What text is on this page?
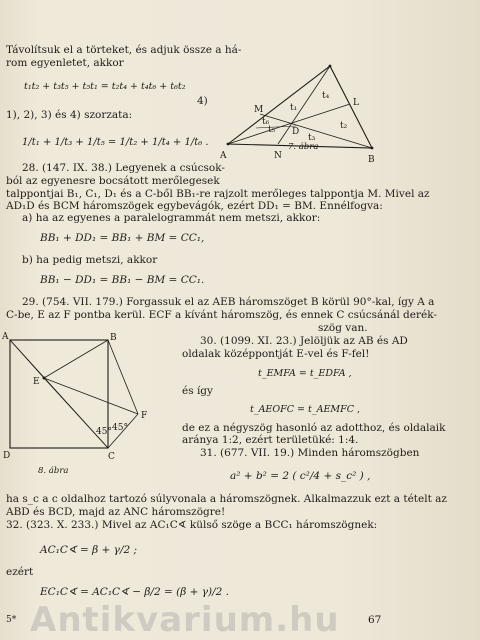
Távolítsuk el a törteket, és adjuk össze a há-
rom egyenletet, akkor
t₁t₂ + t₃t₅ + t₅t₁ = t₂t₄ + t₄t₆ + t₆t₂
4)
1), 2), 3) és 4) szorzata:
1/t₁ + 1/t₃ + 1/t₅ = 1/t₂ + 1/t₄ + 1/t₆ .
M
L
D
A	N	B
t₁
t₂
t₃
t₄
t₅
t₆
7. ábra
28. (147. IX. 38.) Legyenek a csúcsok-
ból az egyenesre bocsátott merőlegesek
talppontjai B₁, C₁, D₁ és a C-ből BB₁-re rajzolt merőleges talppontja M. Mivel az
AD₁D és BCM háromszögek egybevágók, ezért DD₁ = BM. Ennélfogva:
a) ha az egyenes a paralelogrammát nem metszi, akkor:
BB₁ + DD₁ = BB₁ + BM = CC₁,
b) ha pedig metszi, akkor
BB₁ − DD₁ = BB₁ − BM = CC₁.
29. (754. VII. 179.) Forgassuk el az AEB háromszöget B körül 90°-kal, így A a
C-be, E az F pontba kerül. ECF a kívánt háromszög, és ennek C csúcsánál derék-
szög van.
A	B
E
F
D	C
45° 45°
8. ábra
30. (1099. XI. 23.) Jelöljük az AB és AD
oldalak középpontját E-vel és F-fel!
t_EMFA = t_EDFA ,
és így
t_AEOFC = t_AEMFC ,
de ez a négyszög hasonló az adotthoz, és oldalaik
aránya 1:2, ezért területüké: 1:4.
31. (677. VII. 19.) Minden háromszögben
a² + b² = 2 ( c²/4 + s_c² ) ,
ha s_c a c oldalhoz tartozó súlyvonala a háromszögnek. Alkalmazzuk ezt a tételt az
ABD és BCD, majd az ANC háromszögre!
32. (323. X. 233.) Mivel az AC₁C∢ külső szöge a BCC₁ háromszögnek:
AC₁C∢ = β + γ/2 ;
ezért
EC₁C∢ = AC₁C∢ − β/2 = (β + γ)/2 .
5*	67
Antikvarium.hu
